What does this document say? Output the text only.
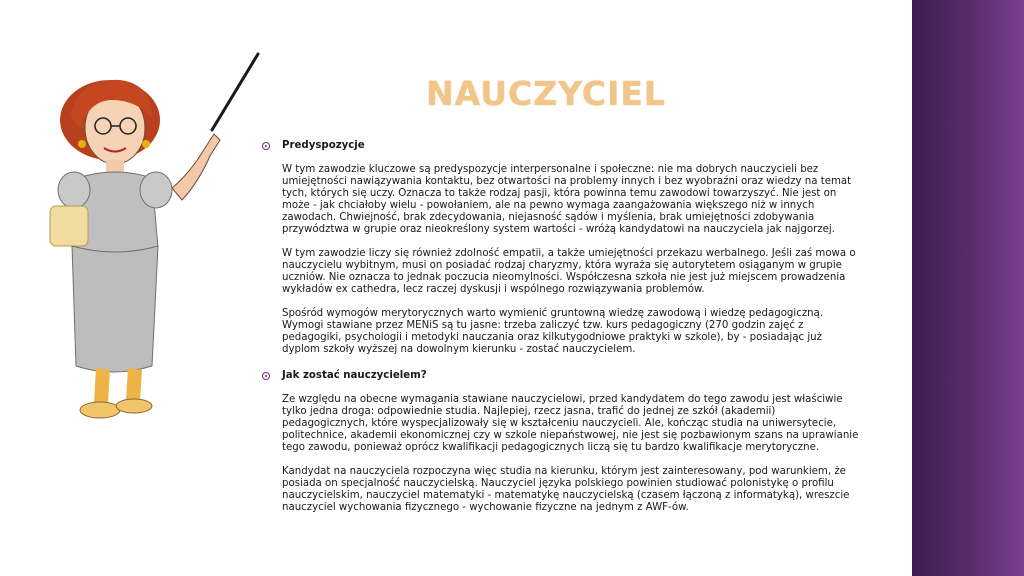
NAUCZYCIEL
Predyspozycje

W tym zawodzie kluczowe są predyspozycje interpersonalne i społeczne: nie ma dobrych nauczycieli bez umiejętności nawiązywania kontaktu, bez otwartości na problemy innych i bez wyobraźni oraz wiedzy na temat tych, których się uczy. Oznacza to także rodzaj pasji, która powinna temu zawodowi towarzyszyć. Nie jest on może - jak chciałoby wielu - powołaniem, ale na pewno wymaga zaangażowania większego niż w innych zawodach. Chwiejność, brak zdecydowania, niejasność sądów i myślenia, brak umiejętności zdobywania przywództwa w grupie oraz nieokreślony system wartości - wróżą kandydatowi na nauczyciela jak najgorzej.

W tym zawodzie liczy się również zdolność empatii, a także umiejętności przekazu werbalnego. Jeśli zaś mowa o nauczycielu wybitnym, musi on posiadać rodzaj charyzmy, która wyraża się autorytetem osiąganym w grupie uczniów. Nie oznacza to jednak poczucia nieomylności. Współczesna szkoła nie jest już miejscem prowadzenia wykładów ex cathedra, lecz raczej dyskusji i wspólnego rozwiązywania problemów.

Spośród wymogów merytorycznych warto wymienić gruntowną wiedzę zawodową i wiedzę pedagogiczną. Wymogi stawiane przez MENiS są tu jasne: trzeba zaliczyć tzw. kurs pedagogiczny (270 godzin zajęć z pedagogiki, psychologii i metodyki nauczania oraz kilkutygodniowe praktyki w szkole), by - posiadając już dyplom szkoły wyższej na dowolnym kierunku - zostać nauczycielem.

Jak zostać nauczycielem?

Ze względu na obecne wymagania stawiane nauczycielowi, przed kandydatem do tego zawodu jest właściwie tylko jedna droga: odpowiednie studia. Najlepiej, rzecz jasna, trafić do jednej ze szkół (akademii) pedagogicznych, które wyspecjalizowały się w kształceniu nauczycieli. Ale, kończąc studia na uniwersytecie, politechnice, akademii ekonomicznej czy w szkole niepaństwowej, nie jest się pozbawionym szans na uprawianie tego zawodu, ponieważ oprócz kwalifikacji pedagogicznych liczą się tu bardzo kwalifikacje merytoryczne.

Kandydat na nauczyciela rozpoczyna więc studia na kierunku, którym jest zainteresowany, pod warunkiem, że posiada on specjalność nauczycielską. Nauczyciel języka polskiego powinien studiować polonistykę o profilu nauczycielskim, nauczyciel matematyki - matematykę nauczycielską (czasem łączoną z informatyką), wreszcie nauczyciel wychowania fizycznego - wychowanie fizyczne na jednym z AWF-ów.
